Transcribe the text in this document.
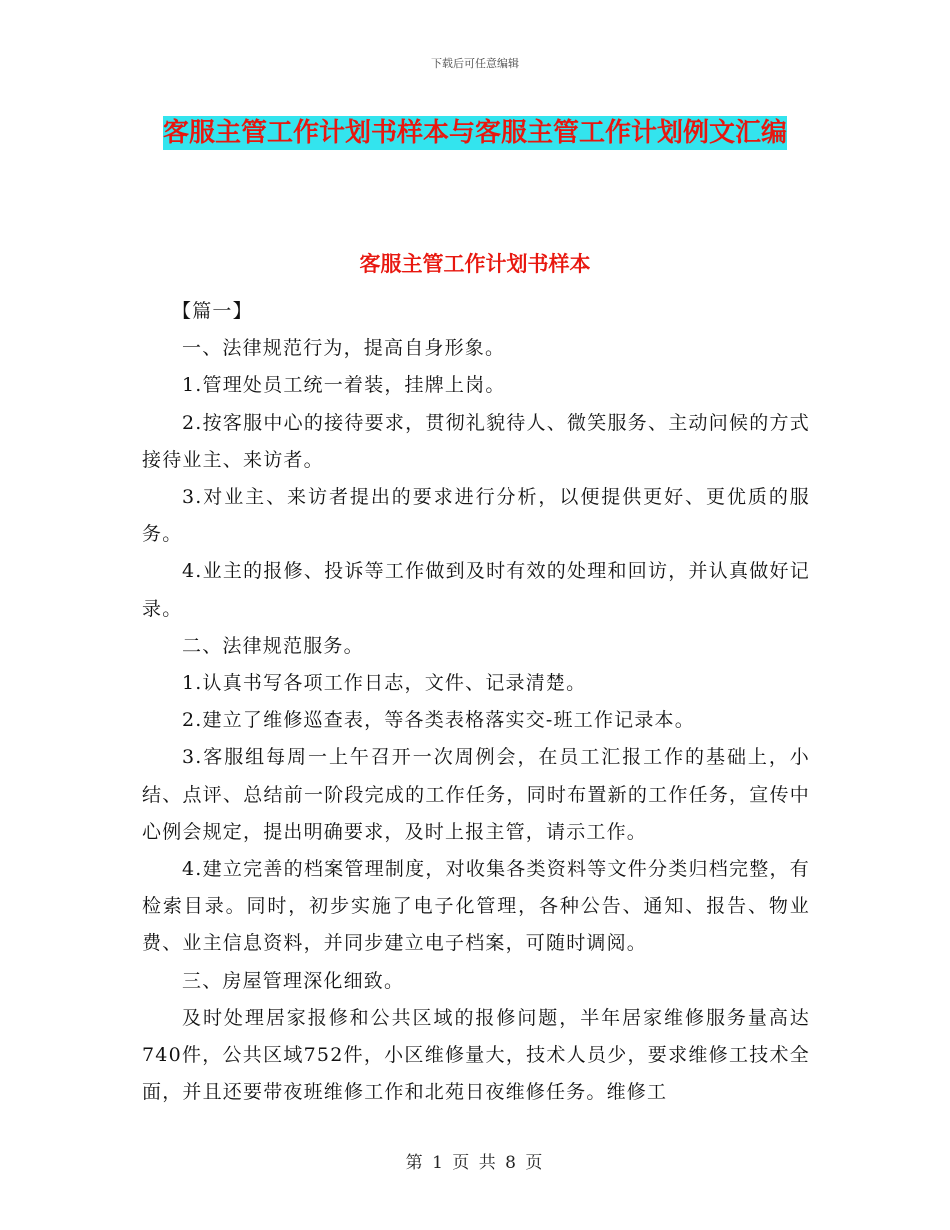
下载后可任意编辑
客服主管工作计划书样本与客服主管工作计划例文汇编
客服主管工作计划书样本

【篇一】

一、法律规范行为，提高自身形象。

1.管理处员工统一着装，挂牌上岗。

2.按客服中心的接待要求，贯彻礼貌待人、微笑服务、主动问候的方式接待业主、来访者。

3.对业主、来访者提出的要求进行分析，以便提供更好、更优质的服务。

4.业主的报修、投诉等工作做到及时有效的处理和回访，并认真做好记录。

二、法律规范服务。

1.认真书写各项工作日志，文件、记录清楚。

2.建立了维修巡查表，等各类表格落实交-班工作记录本。

3.客服组每周一上午召开一次周例会，在员工汇报工作的基础上，小结、点评、总结前一阶段完成的工作任务，同时布置新的工作任务，宣传中心例会规定，提出明确要求，及时上报主管，请示工作。

4.建立完善的档案管理制度，对收集各类资料等文件分类归档完整，有检索目录。同时，初步实施了电子化管理，各种公告、通知、报告、物业费、业主信息资料，并同步建立电子档案，可随时调阅。

三、房屋管理深化细致。

及时处理居家报修和公共区域的报修问题，半年居家维修服务量高达740件，公共区域752件，小区维修量大，技术人员少，要求维修工技术全面，并且还要带夜班维修工作和北苑日夜维修任务。维修工

第 1 页 共 8 页
